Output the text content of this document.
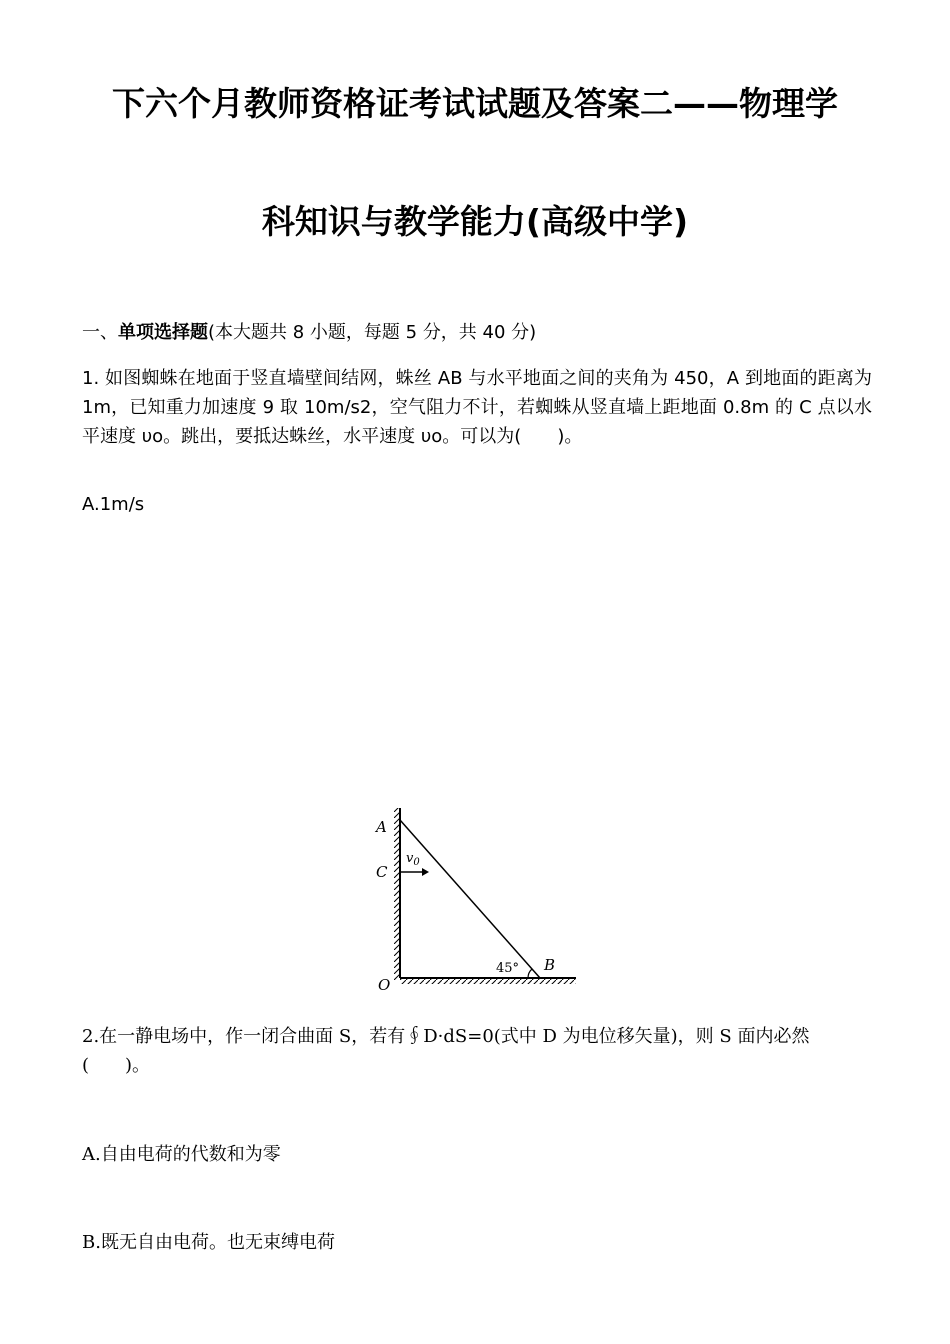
下六个月教师资格证考试试题及答案二——物理学
科知识与教学能力(高级中学)

一、单项选择题(本大题共 8 小题，每题 5 分，共 40 分)

1. 如图蜘蛛在地面于竖直墙壁间结网，蛛丝 AB 与水平地面之间的夹角为 450，A 到地面的距离为 1m，已知重力加速度 9 取 10m/s2，空气阻力不计，若蜘蛛从竖直墙上距地面 0.8m 的 C 点以水平速度 υo。跳出，要抵达蛛丝，水平速度 υo。可以为(　　)。

A.1m/s

A
C
O
B
$v_0$
45°

2.在一静电场中，作一闭合曲面 S，若有∮D·dS=0(式中 D 为电位移矢量)，则 S 面内必然(　　)。

A.自由电荷的代数和为零

B.既无自由电荷。也无束缚电荷
